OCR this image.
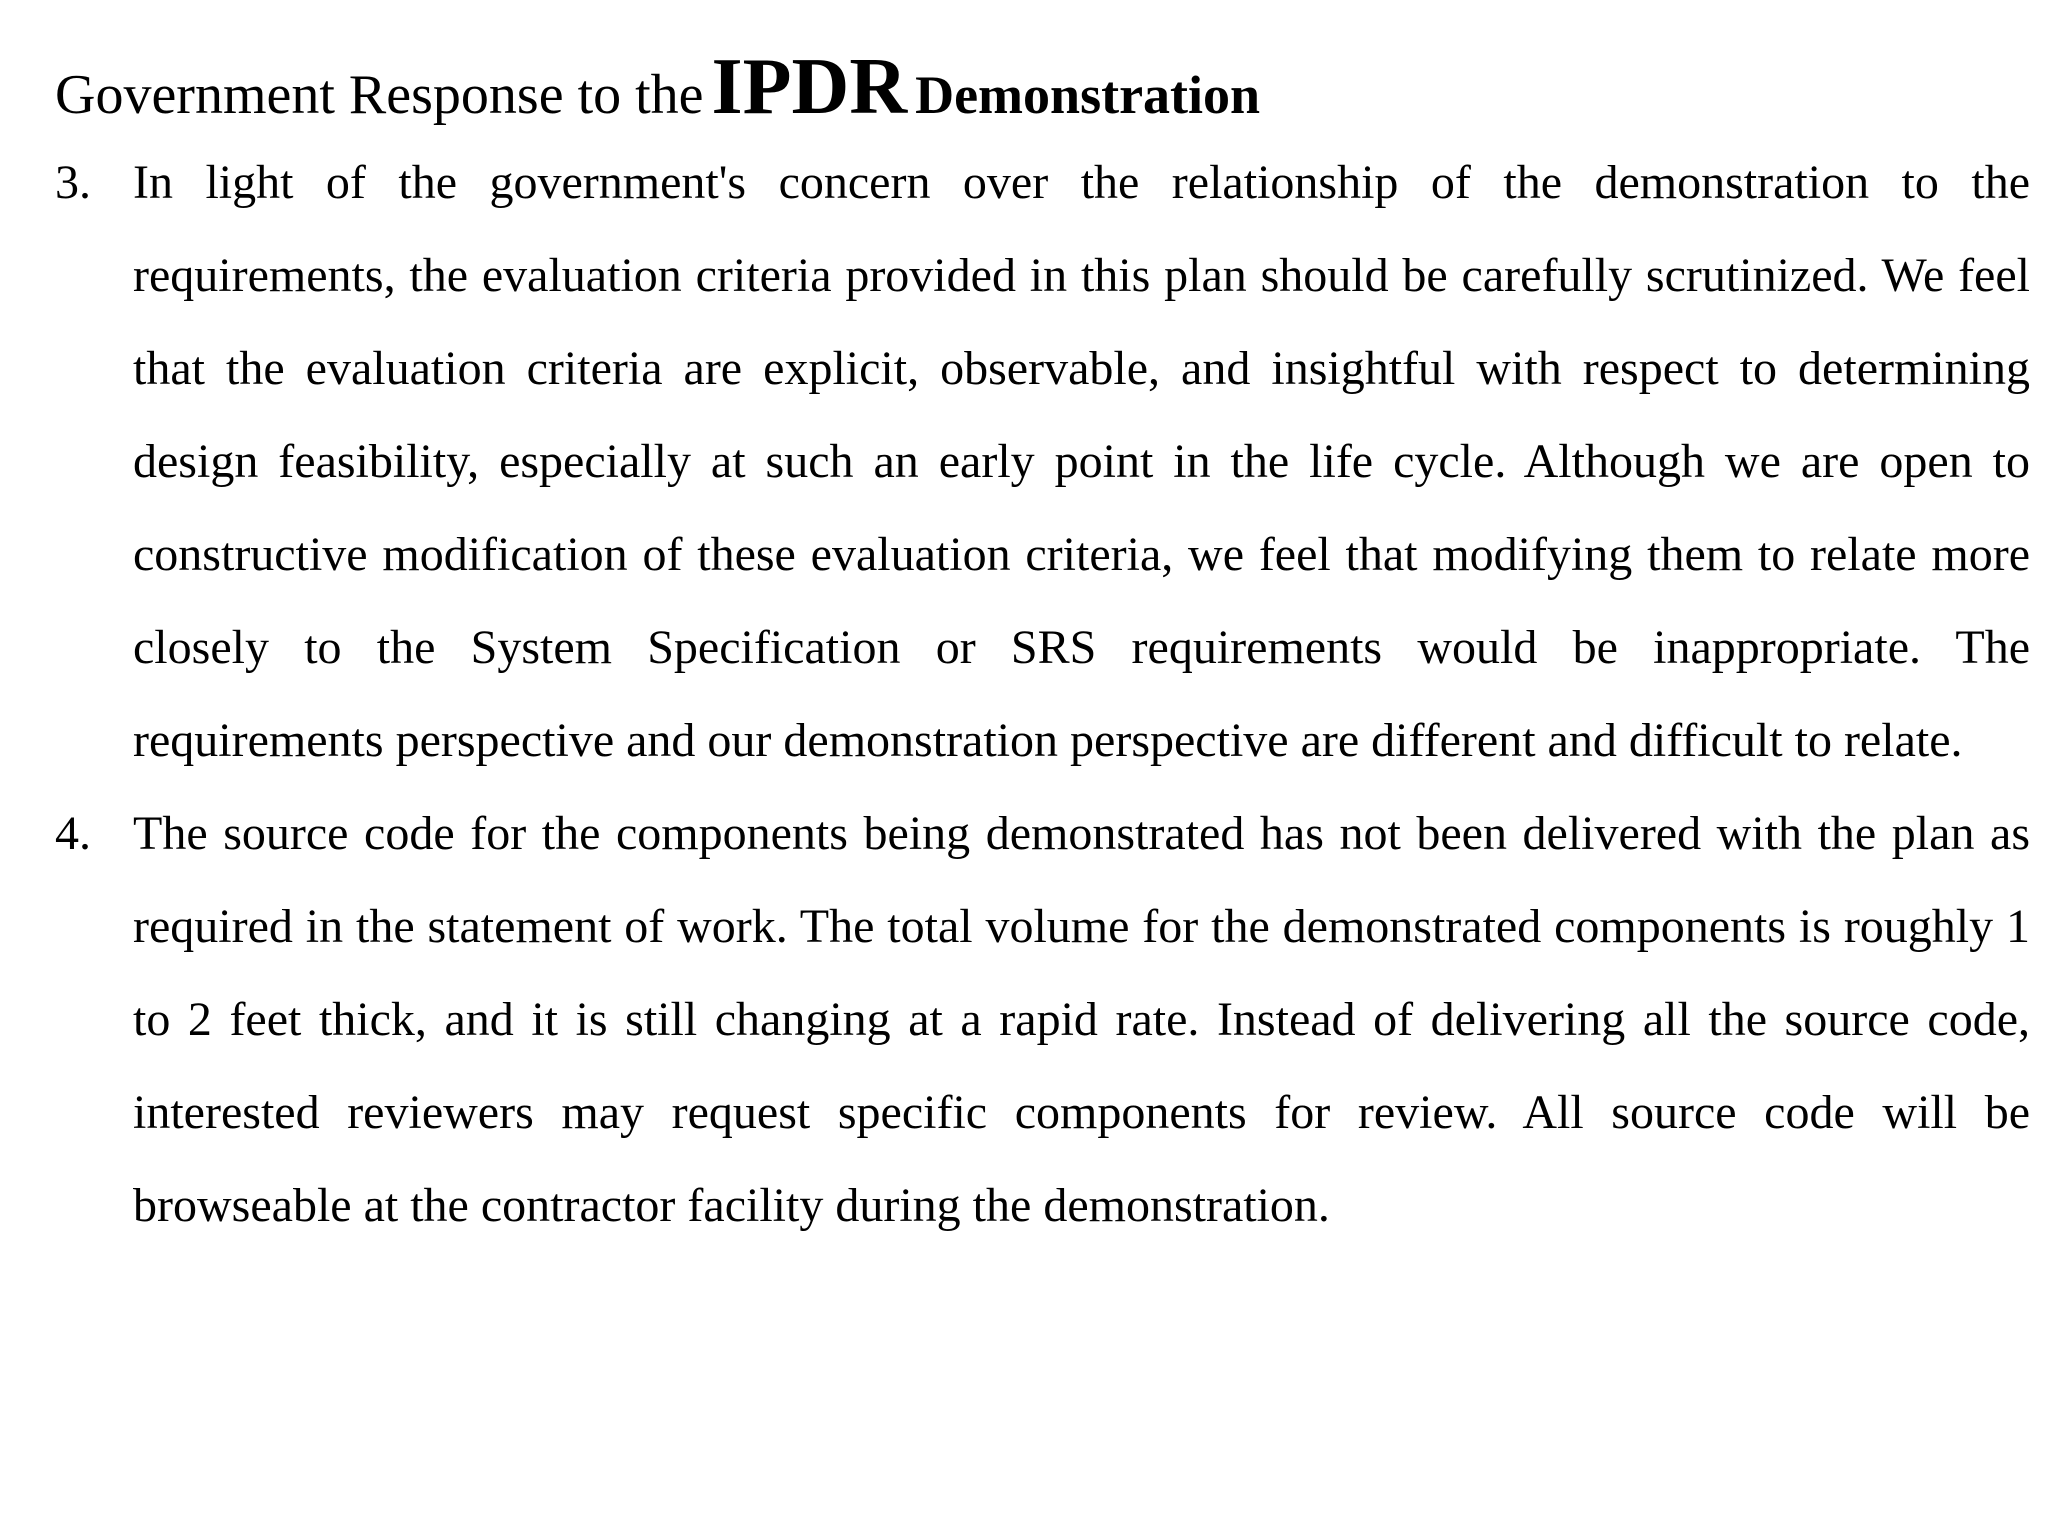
Government Response to the IPDR Demonstration
3. In light of the government's concern over the relationship of the demonstration to the requirements, the evaluation criteria provided in this plan should be carefully scrutinized. We feel that the evaluation criteria are explicit, observable, and insightful with respect to determining design feasibility, especially at such an early point in the life cycle. Although we are open to constructive modification of these evaluation criteria, we feel that modifying them to relate more closely to the System Specification or SRS requirements would be inappropriate. The requirements perspective and our demonstration perspective are different and difficult to relate.

4. The source code for the components being demonstrated has not been delivered with the plan as required in the statement of work. The total volume for the demonstrated components is roughly 1 to 2 feet thick, and it is still changing at a rapid rate. Instead of delivering all the source code, interested reviewers may request specific components for review. All source code will be browseable at the contractor facility during the demonstration.
